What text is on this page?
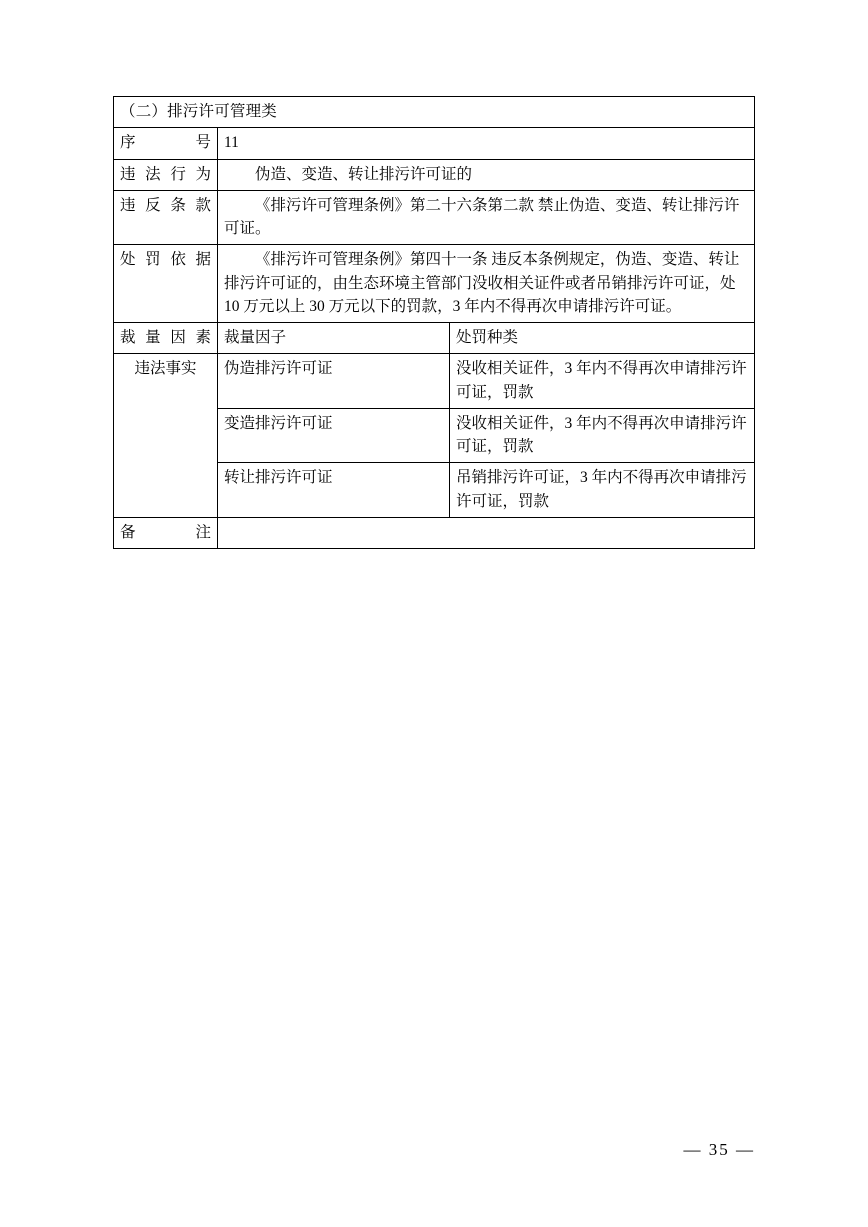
（二）排污许可管理类		
序号	11	
违法行为	伪造、变造、转让排污许可证的	
违反条款	《排污许可管理条例》第二十六条第二款 禁止伪造、变造、转让排污许可证。	
处罚依据	《排污许可管理条例》第四十一条 违反本条例规定，伪造、变造、转让排污许可证的，由生态环境主管部门没收相关证件或者吊销排污许可证，处 10 万元以上 30 万元以下的罚款，3 年内不得再次申请排污许可证。	
裁量因素	裁量因子	处罚种类
违法事实	伪造排污许可证	没收相关证件，3 年内不得再次申请排污许可证，罚款
	变造排污许可证	没收相关证件，3 年内不得再次申请排污许可证，罚款
	转让排污许可证	吊销排污许可证，3 年内不得再次申请排污许可证，罚款
备注		
— 35 —
